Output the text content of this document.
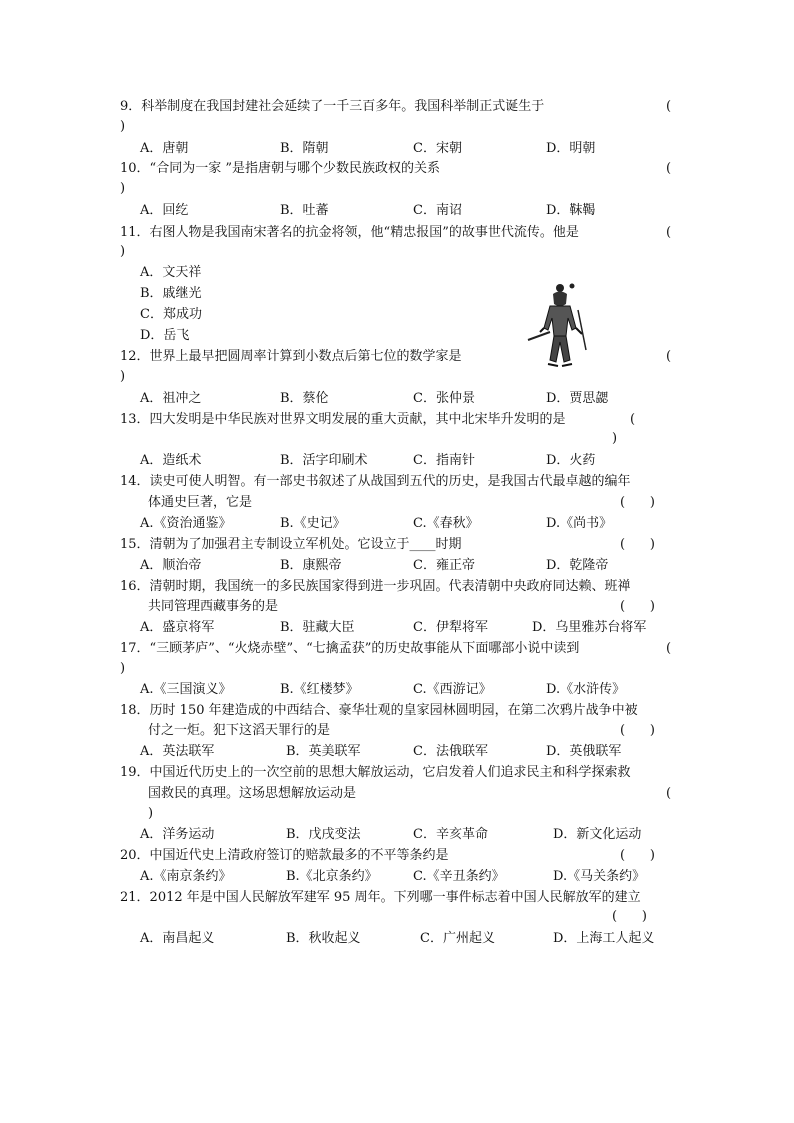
9．科举制度在我国封建社会延续了一千三百多年。我国科举制正式诞生于	(
)
A．唐朝	B．隋朝	C．宋朝	D．明朝
10．“合同为一家 ”是指唐朝与哪个少数民族政权的关系	(
)
A．回纥	B．吐蕃	C．南诏	D．靺鞨
11．右图人物是我国南宋著名的抗金将领，他“精忠报国”的故事世代流传。他是	(
)
A．文天祥
B．戚继光
C．郑成功
D．岳飞
12．世界上最早把圆周率计算到小数点后第七位的数学家是	(
)
A．祖冲之	B．蔡伦	C．张仲景	D．贾思勰
13．四大发明是中华民族对世界文明发展的重大贡献，其中北宋毕升发明的是	(
)
A．造纸术	B．活字印刷术	C．指南针	D．火药
14．读史可使人明智。有一部史书叙述了从战国到五代的历史，是我国古代最卓越的编年
体通史巨著，它是	(      )
A.《资治通鉴》	B.《史记》	C.《春秋》	D.《尚书》
15．清朝为了加强君主专制设立军机处。它设立于____时期	(      )
A．顺治帝	B．康熙帝	C．雍正帝	D．乾隆帝
16．清朝时期，我国统一的多民族国家得到进一步巩固。代表清朝中央政府同达赖、班禅
共同管理西藏事务的是	(      )
A．盛京将军	B．驻藏大臣	C．伊犁将军	D．乌里雅苏台将军
17．“三顾茅庐”、“火烧赤壁”、“七擒孟获”的历史故事能从下面哪部小说中读到	(
)
A.《三国演义》	B.《红楼梦》	C.《西游记》	D.《水浒传》
18．历时 150 年建造成的中西结合、豪华壮观的皇家园林圆明园，在第二次鸦片战争中被
付之一炬。犯下这滔天罪行的是	(      )
A．英法联军	B．英美联军	C．法俄联军	D．英俄联军
19．中国近代历史上的一次空前的思想大解放运动，它启发着人们追求民主和科学探索救
国救民的真理。这场思想解放运动是	(
)
A．洋务运动	B．戊戌变法	C．辛亥革命	D．新文化运动
20．中国近代史上清政府签订的赔款最多的不平等条约是	(      )
A.《南京条约》	B.《北京条约》	C.《辛丑条约》	D.《马关条约》
21．2012 年是中国人民解放军建军 95 周年。下列哪一事件标志着中国人民解放军的建立
(      )
A．南昌起义	B．秋收起义	C．广州起义	D．上海工人起义
